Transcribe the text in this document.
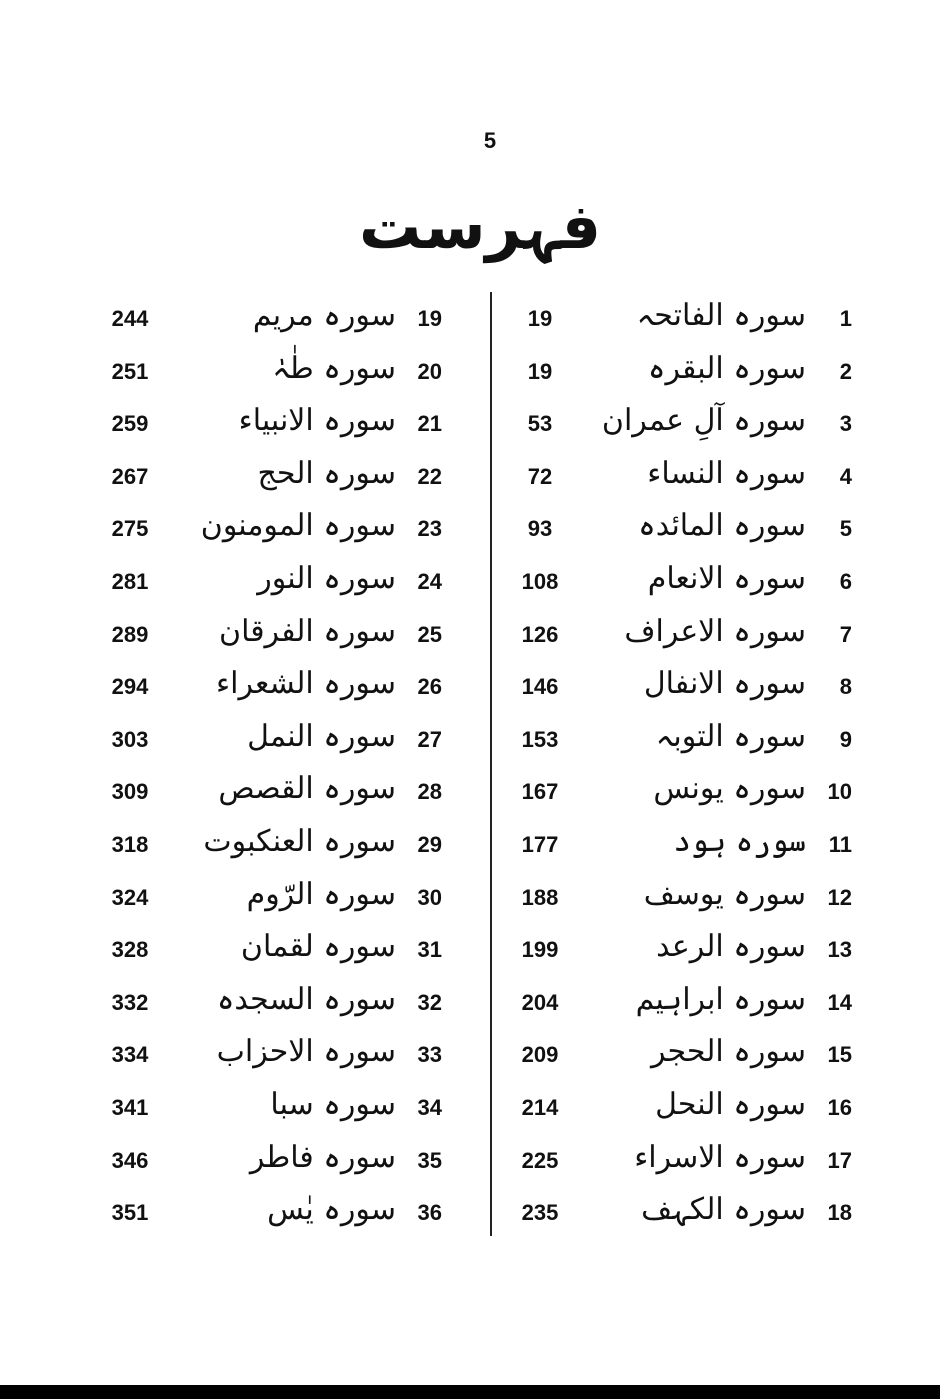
5
فہرست
1
سورہ الفاتحہ
19
2
سورہ البقرہ
19
3
سورہ آلِ عمران
53
4
سورہ النساء
72
5
سورہ المائدہ
93
6
سورہ الانعام
108
7
سورہ الاعراف
126
8
سورہ الانفال
146
9
سورہ التوبہ
153
10
سورہ یونس
167
11
سورہ ہود
177
12
سورہ یوسف
188
13
سورہ الرعد
199
14
سورہ ابراہیم
204
15
سورہ الحجر
209
16
سورہ النحل
214
17
سورہ الاسراء
225
18
سورہ الکہف
235
19
سورہ مریم
244
20
سورہ طٰہٰ
251
21
سورہ الانبیاء
259
22
سورہ الحج
267
23
سورہ المومنون
275
24
سورہ النور
281
25
سورہ الفرقان
289
26
سورہ الشعراء
294
27
سورہ النمل
303
28
سورہ القصص
309
29
سورہ العنکبوت
318
30
سورہ الرّوم
324
31
سورہ لقمان
328
32
سورہ السجدہ
332
33
سورہ الاحزاب
334
34
سورہ سبا
341
35
سورہ فاطر
346
36
سورہ یٰس
351
